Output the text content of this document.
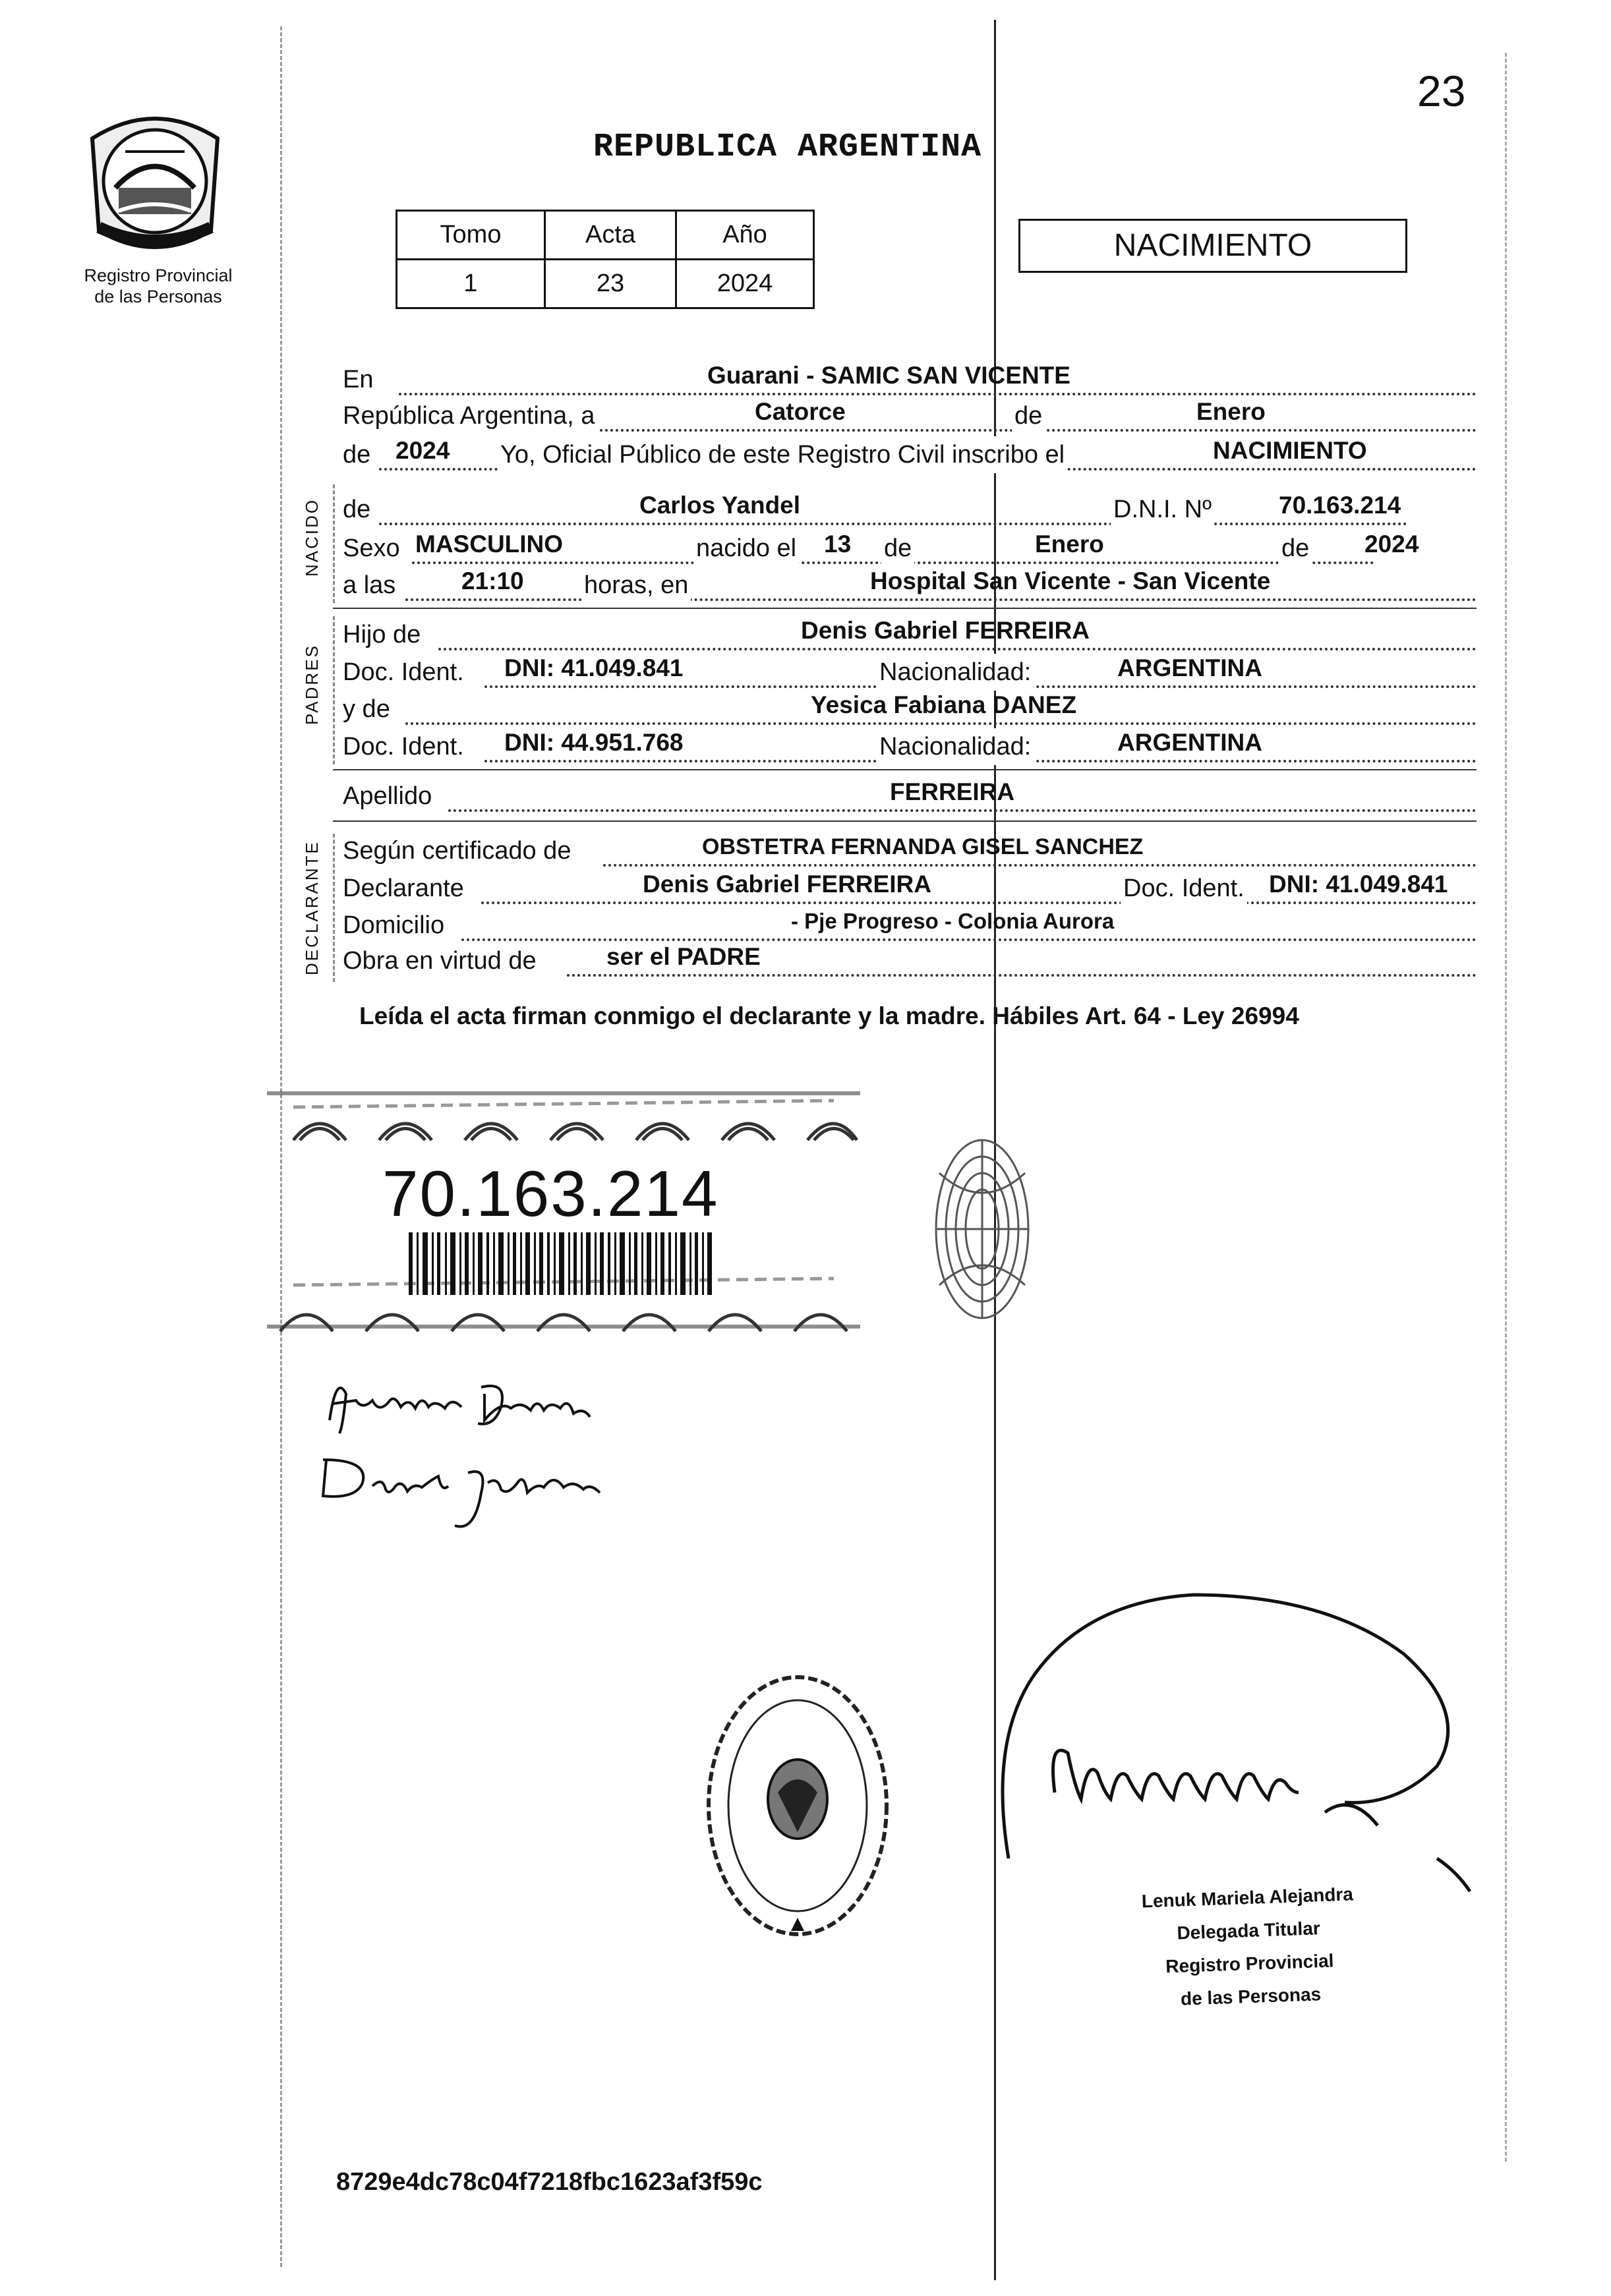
23
Registro Provincial
de las Personas
REPUBLICA ARGENTINA
Tomo	Acta	Año
1	23	2024
NACIMIENTO
En	Guarani - SAMIC SAN VICENTE
República Argentina, a	Catorce	de	Enero
de 2024 Yo, Oficial Público de este Registro Civil inscribo el	NACIMIENTO
NACIDO de	Carlos Yandel	D.N.I. Nº	70.163.214
Sexo MASCULINO	nacido el 13 de	Enero	de 2024
a las	21:10 horas, en	Hospital San Vicente - San Vicente
PADRES
Hijo de	Denis Gabriel FERREIRA
Doc. Ident. DNI: 41.049.841	Nacionalidad:	ARGENTINA
y de	Yesica Fabiana DANEZ
Doc. Ident. DNI: 44.951.768	Nacionalidad:	ARGENTINA
Apellido	FERREIRA
DECLARANTE Según certificado de	OBSTETRA FERNANDA GISEL SANCHEZ
Declarante	Denis Gabriel FERREIRA	Doc. Ident. DNI: 41.049.841
Domicilio	- Pje Progreso - Colonia Aurora
Obra en virtud de	ser el PADRE
Leída el acta firman conmigo el declarante y la madre. Hábiles Art. 64 - Ley 26994
70.163.214
Lenuk Mariela Alejandra
Delegada Titular
Registro Provincial
de las Personas
8729e4dc78c04f7218fbc1623af3f59c
